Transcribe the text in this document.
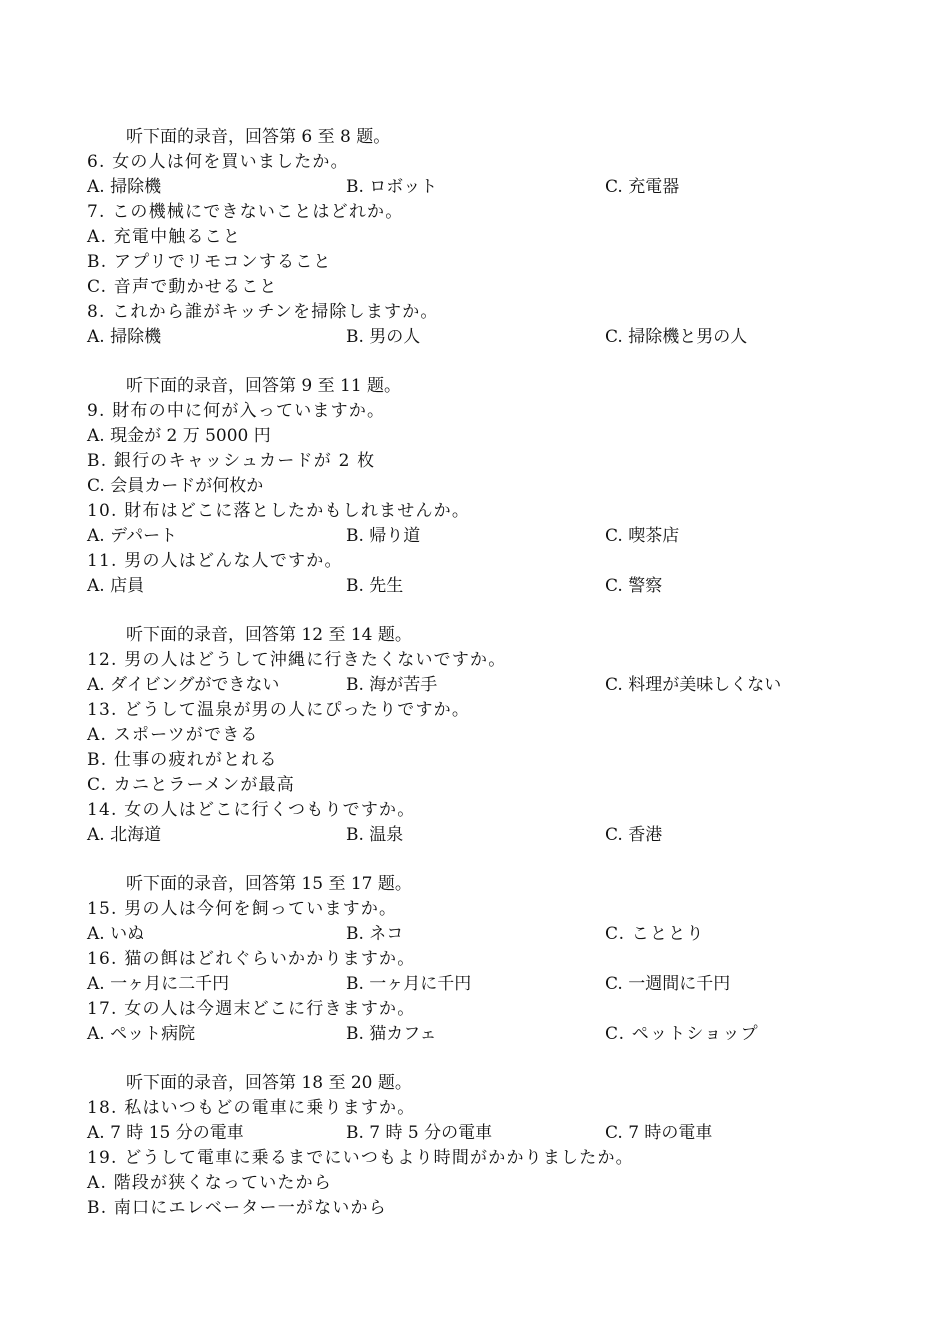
听下面的录音，回答第 6 至 8 题。
6. 女の人は何を買いましたか。
A. 掃除機	B. ロボット	C. 充電器
7. この機械にできないことはどれか。
A. 充電中触ること
B. アプリでリモコンすること
C. 音声で動かせること
8. これから誰がキッチンを掃除しますか。
A. 掃除機	B. 男の人	C. 掃除機と男の人
听下面的录音，回答第 9 至 11 题。
9. 財布の中に何が入っていますか。
A. 現金が 2 万 5000 円
B. 銀行のキャッシュカードが 2 枚
C. 会員カードが何枚か
10. 財布はどこに落としたかもしれませんか。
A. デパート	B. 帰り道	C. 喫茶店
11. 男の人はどんな人ですか。
A. 店員	B. 先生	C. 警察
听下面的录音，回答第 12 至 14 题。
12. 男の人はどうして沖縄に行きたくないですか。
A. ダイビングができない	B. 海が苦手	C. 料理が美味しくない
13. どうして温泉が男の人にぴったりですか。
A. スポーツができる
B. 仕事の疲れがとれる
C. カニとラーメンが最高
14. 女の人はどこに行くつもりですか。
A. 北海道	B. 温泉	C. 香港
听下面的录音，回答第 15 至 17 题。
15. 男の人は今何を飼っていますか。
A. いぬ	B. ネコ	C. こととり
16. 猫の餌はどれぐらいかかりますか。
A. 一ヶ月に二千円	B. 一ヶ月に千円	C. 一週間に千円
17. 女の人は今週末どこに行きますか。
A. ペット病院	B. 猫カフェ	C. ペットショップ
听下面的录音，回答第 18 至 20 题。
18. 私はいつもどの電車に乗りますか。
A. 7 時 15 分の電車	B. 7 時 5 分の電車	C. 7 時の電車
19. どうして電車に乗るまでにいつもより時間がかかりましたか。
A. 階段が狭くなっていたから
B. 南口にエレベーター一がないから
